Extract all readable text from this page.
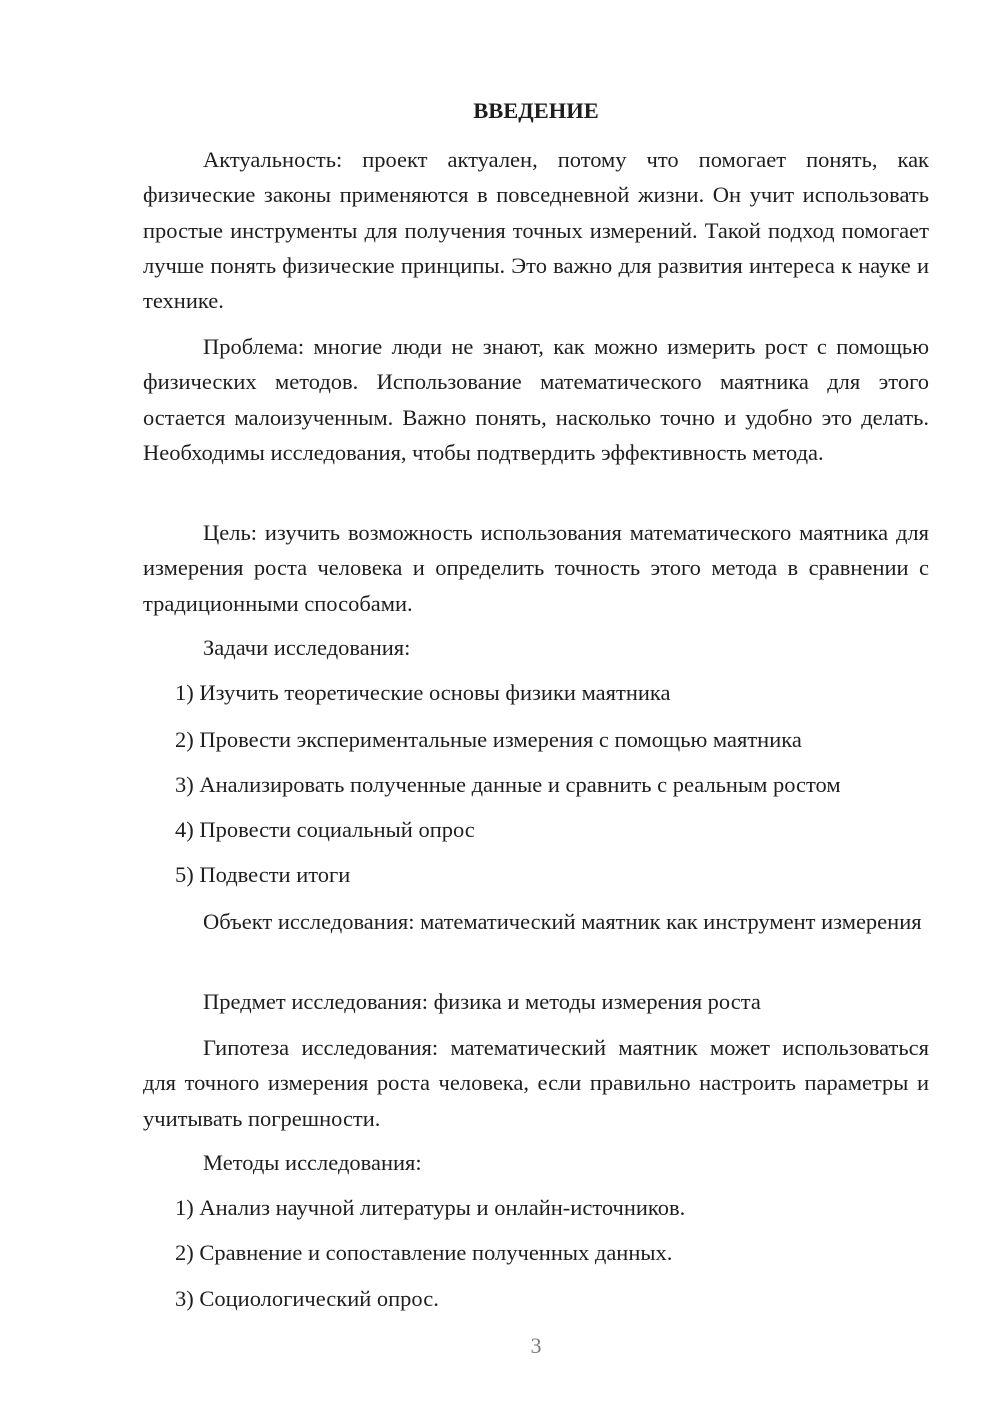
ВВЕДЕНИЕ

Актуальность: проект актуален, потому что помогает понять, как физические законы применяются в повседневной жизни. Он учит использовать простые инструменты для получения точных измерений. Такой подход помогает лучше понять физические принципы. Это важно для развития интереса к науке и технике.

Проблема: многие люди не знают, как можно измерить рост с помощью физических методов. Использование математического маятника для этого остается малоизученным. Важно понять, насколько точно и удобно это делать. Необходимы исследования, чтобы подтвердить эффективность метода.

Цель: изучить возможность использования математического маятника для измерения роста человека и определить точность этого метода в сравнении с традиционными способами.

Задачи исследования:

1) Изучить теоретические основы физики маятника

2) Провести экспериментальные измерения с помощью маятника

3) Анализировать полученные данные и сравнить с реальным ростом

4) Провести социальный опрос

5) Подвести итоги

Объект исследования: математический маятник как инструмент измерения

Предмет исследования: физика и методы измерения роста

Гипотеза исследования: математический маятник может использоваться для точного измерения роста человека, если правильно настроить параметры и учитывать погрешности.

Методы исследования:

1) Анализ научной литературы и онлайн-источников.

2) Сравнение и сопоставление полученных данных.

3) Социологический опрос.

3
